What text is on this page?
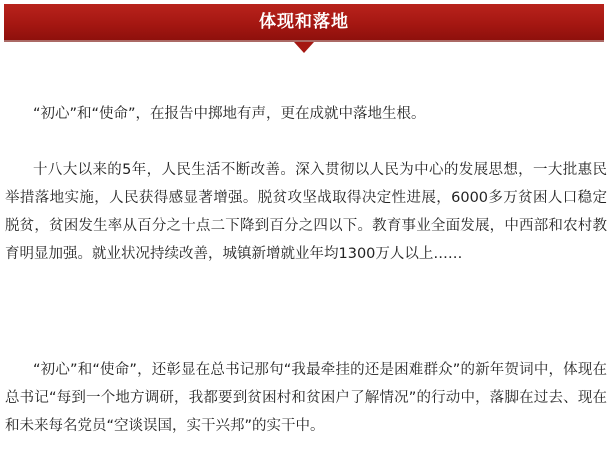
体现和落地

“初心”和“使命”，在报告中掷地有声，更在成就中落地生根。

十八大以来的5年，人民生活不断改善。深入贯彻以人民为中心的发展思想，一大批惠民举措落地实施，人民获得感显著增强。脱贫攻坚战取得决定性进展，6000多万贫困人口稳定脱贫，贫困发生率从百分之十点二下降到百分之四以下。教育事业全面发展，中西部和农村教育明显加强。就业状况持续改善，城镇新增就业年均1300万人以上……

“初心”和“使命”，还彰显在总书记那句“我最牵挂的还是困难群众”的新年贺词中，体现在总书记“每到一个地方调研，我都要到贫困村和贫困户了解情况”的行动中，落脚在过去、现在和未来每名党员“空谈误国，实干兴邦”的实干中。
